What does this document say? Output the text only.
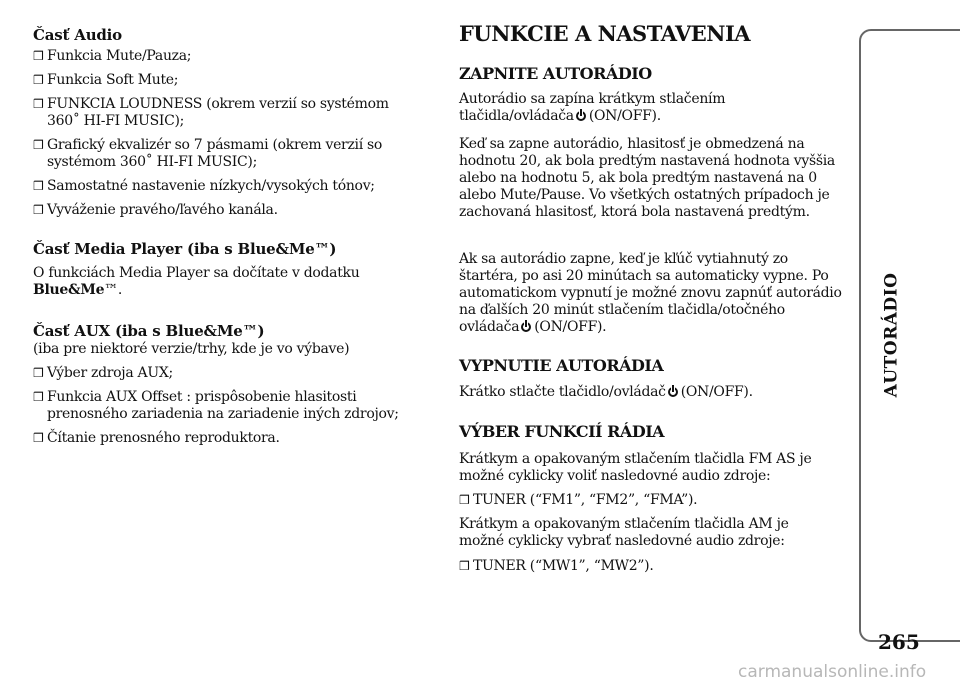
Časť Audio
❒ Funkcia Mute/Pauza;
❒ Funkcia Soft Mute;
❒ FUNKCIA LOUDNESS (okrem verzií so systémom 360˚ HI-FI MUSIC);
❒ Grafický ekvalizér so 7 pásmami (okrem verzií so systémom 360˚ HI-FI MUSIC);
❒ Samostatné nastavenie nízkych/vysokých tónov;
❒ Vyváženie pravého/ľavého kanála.
Časť Media Player (iba s Blue&Me™)
O funkciách Media Player sa dočítate v dodatku
Blue&Me™.
Časť AUX (iba s Blue&Me™)
(iba pre niektoré verzie/trhy, kde je vo výbave)
❒ Výber zdroja AUX;
❒ Funkcia AUX Offset : prispôsobenie hlasitosti prenosného zariadenia na zariadenie iných zdrojov;
❒ Čítanie prenosného reproduktora.
FUNKCIE A NASTAVENIA
ZAPNITE AUTORÁDIO
Autorádio sa zapína krátkym stlačením tlačidla/ovládača (ON/OFF).
Keď sa zapne autorádio, hlasitosť je obmedzená na hodnotu 20, ak bola predtým nastavená hodnota vyššia alebo na hodnotu 5, ak bola predtým nastavená na 0 alebo Mute/Pause. Vo všetkých ostatných prípadoch je zachovaná hlasitosť, ktorá bola nastavená predtým.
Ak sa autorádio zapne, keď je kľúč vytiahnutý zo štartéra, po asi 20 minútach sa automaticky vypne. Po automatickom vypnutí je možné znovu zapnúť autorádio na ďalších 20 minút stlačením tlačidla/otočného ovládača (ON/OFF).
VYPNUTIE AUTORÁDIA
Krátko stlačte tlačidlo/ovládač (ON/OFF).
VÝBER FUNKCIÍ RÁDIA
Krátkym a opakovaným stlačením tlačidla FM AS je možné cyklicky voliť nasledovné audio zdroje:
❒ TUNER (“FM1”, “FM2”, “FMA”).
Krátkym a opakovaným stlačením tlačidla AM je možné cyklicky vybrať nasledovné audio zdroje:
❒ TUNER (“MW1”, “MW2”).
AUTORÁDIO
265
carmanualsonline.info
